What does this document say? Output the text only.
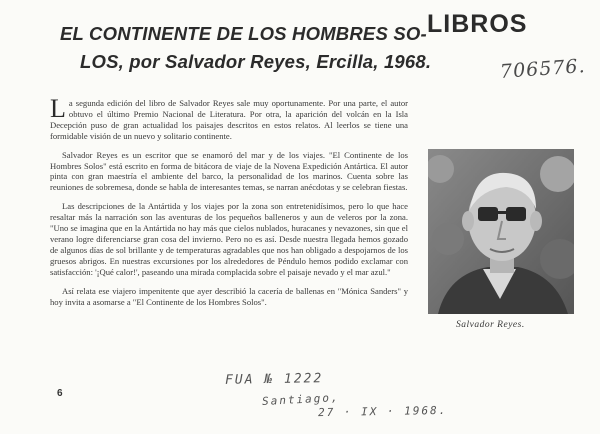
EL CONTINENTE DE LOS HOMBRES SO-
LOS, por Salvador Reyes, Ercilla, 1968.
LIBROS
706576.

La segunda edición del libro de Salvador Reyes sale muy oportunamente. Por una parte, el autor obtuvo el último Premio Nacional de Literatura. Por otra, la aparición del volcán en la Isla Decepción puso de gran actualidad los paisajes descritos en estos relatos. Al leerlos se tiene una formidable visión de un nuevo y solitario continente.

Salvador Reyes es un escritor que se enamoró del mar y de los viajes. "El Continente de los Hombres Solos" está escrito en forma de bitácora de viaje de la Novena Expedición Antártica. El autor pinta con gran maestría el ambiente del barco, la personalidad de los marinos. Cuenta sobre las reuniones de sobremesa, donde se habla de interesantes temas, se narran anécdotas y se celebran fiestas.

Las descripciones de la Antártida y los viajes por la zona son entretenidísimos, pero lo que hace resaltar más la narración son las aventuras de los pequeños balleneros y aun de veleros por la zona. "Uno se imagina que en la Antártida no hay más que cielos nublados, huracanes y nevazones, sin que el verano logre diferenciarse gran cosa del invierno. Pero no es así. Desde nuestra llegada hemos gozado de algunos días de sol brillante y de temperaturas agradables que nos han obligado a despojarnos de los gruesos abrigos. En nuestras excursiones por los alrededores de Péndulo hemos podido exclamar con satisfacción: '¡Qué calor!', paseando una mirada complacida sobre el paisaje nevado y el mar azul."

Así relata ese viajero impenitente que ayer describió la cacería de ballenas en "Mónica Sanders" y hoy invita a asomarse a "El Continente de los Hombres Solos".

Salvador Reyes.
6
FUA № 1222
Santiago,
27 · IX · 1968.
